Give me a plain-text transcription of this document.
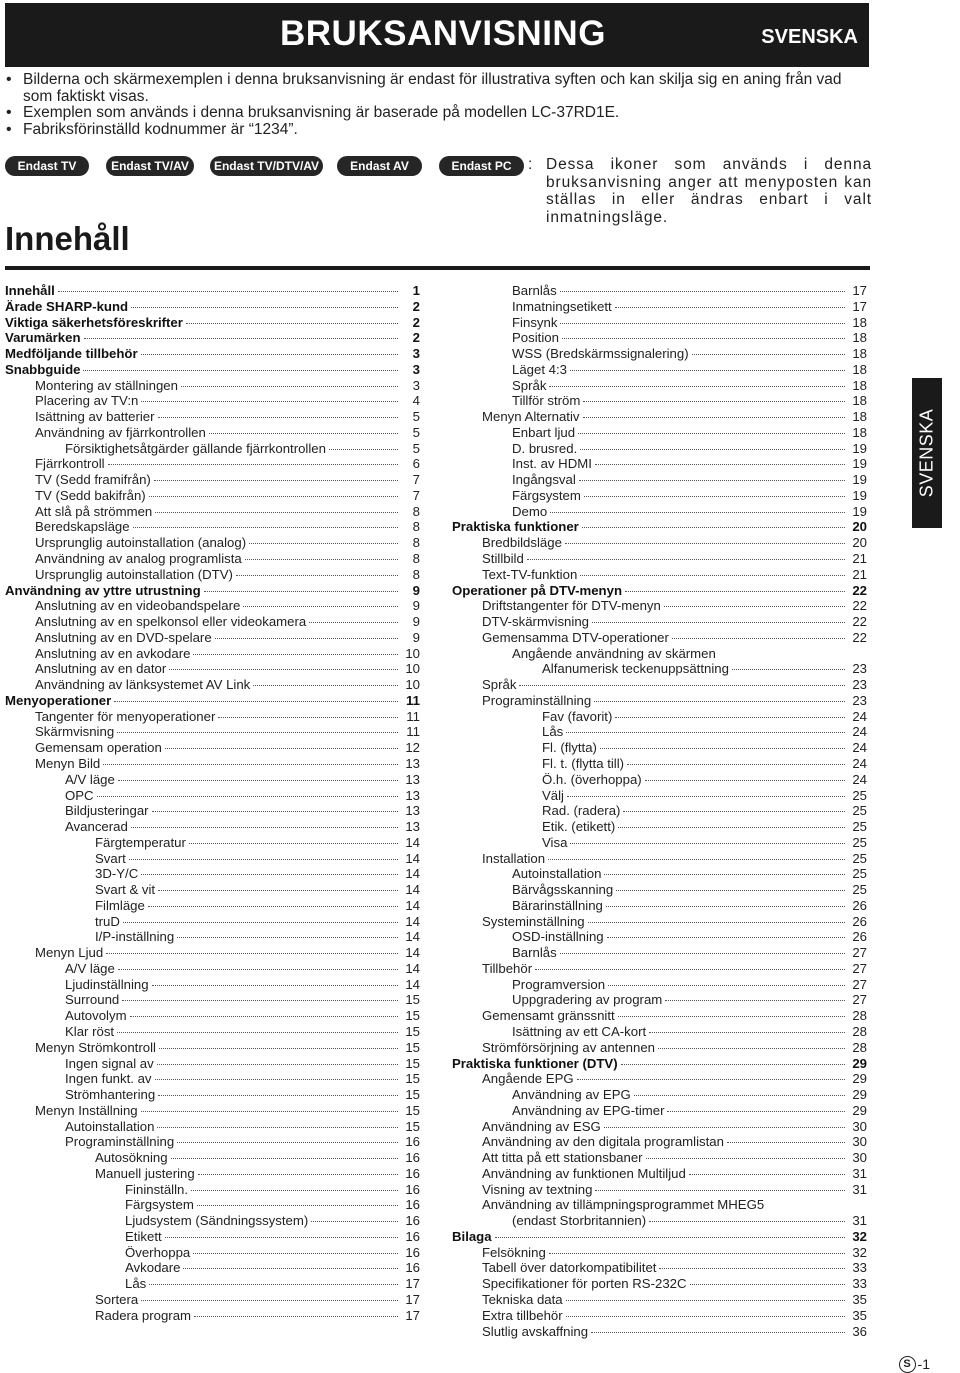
BRUKSANVISNING	SVENSKA
• Bilderna och skärmexemplen i denna bruksanvisning är endast för illustrativa syften och kan skilja sig en aning från vad som faktiskt visas.
• Exemplen som används i denna bruksanvisning är baserade på modellen LC-37RD1E.
• Fabriksförinställd kodnummer är “1234”.
Endast TV	Endast TV/AV	Endast TV/DTV/AV	Endast AV	Endast PC	: Dessa ikoner som används i denna bruksanvisning anger att menyposten kan ställas in eller ändras enbart i valt inmatningsläge.
Innehåll
Innehåll	1
Ärade SHARP-kund	2
Viktiga säkerhetsföreskrifter	2
Varumärken	2
Medföljande tillbehör	3
Snabbguide	3
Montering av ställningen	3
Placering av TV:n	4
Isättning av batterier	5
Användning av fjärrkontrollen	5
Försiktighetsåtgärder gällande fjärrkontrollen	5
Fjärrkontroll	6
TV (Sedd framifrån)	7
TV (Sedd bakifrån)	7
Att slå på strömmen	8
Beredskapsläge	8
Ursprunglig autoinstallation (analog)	8
Användning av analog programlista	8
Ursprunglig autoinstallation (DTV)	8
Användning av yttre utrustning	9
Anslutning av en videobandspelare	9
Anslutning av en spelkonsol eller videokamera	9
Anslutning av en DVD-spelare	9
Anslutning av en avkodare	10
Anslutning av en dator	10
Användning av länksystemet AV Link	10
Menyoperationer	11
Tangenter för menyoperationer	11
Skärmvisning	11
Gemensam operation	12
Menyn Bild	13
A/V läge	13
OPC	13
Bildjusteringar	13
Avancerad	13
Färgtemperatur	14
Svart	14
3D-Y/C	14
Svart & vit	14
Filmläge	14
truD	14
I/P-inställning	14
Menyn Ljud	14
A/V läge	14
Ljudinställning	14
Surround	15
Autovolym	15
Klar röst	15
Menyn Strömkontroll	15
Ingen signal av	15
Ingen funkt. av	15
Strömhantering	15
Menyn Inställning	15
Autoinstallation	15
Programinställning	16
Autosökning	16
Manuell justering	16
Fininställn.	16
Färgsystem	16
Ljudsystem (Sändningssystem)	16
Etikett	16
Överhoppa	16
Avkodare	16
Lås	17
Sortera	17
Radera program	17
Barnlås	17
Inmatningsetikett	17
Finsynk	18
Position	18
WSS (Bredskärmssignalering)	18
Läget 4:3	18
Språk	18
Tillför ström	18
Menyn Alternativ	18
Enbart ljud	18
D. brusred.	19
Inst. av HDMI	19
Ingångsval	19
Färgsystem	19
Demo	19
Praktiska funktioner	20
Bredbildsläge	20
Stillbild	21
Text-TV-funktion	21
Operationer på DTV-menyn	22
Driftstangenter för DTV-menyn	22
DTV-skärmvisning	22
Gemensamma DTV-operationer	22
Angående användning av skärmen
Alfanumerisk teckenuppsättning	23
Språk	23
Programinställning	23
Fav (favorit)	24
Lås	24
Fl. (flytta)	24
Fl. t. (flytta till)	24
Ö.h. (överhoppa)	24
Välj	25
Rad. (radera)	25
Etik. (etikett)	25
Visa	25
Installation	25
Autoinstallation	25
Bärvågsskanning	25
Bärarinställning	26
Systeminställning	26
OSD-inställning	26
Barnlås	27
Tillbehör	27
Programversion	27
Uppgradering av program	27
Gemensamt gränssnitt	28
Isättning av ett CA-kort	28
Strömförsörjning av antennen	28
Praktiska funktioner (DTV)	29
Angående EPG	29
Användning av EPG	29
Användning av EPG-timer	29
Användning av ESG	30
Användning av den digitala programlistan	30
Att titta på ett stationsbaner	30
Användning av funktionen Multiljud	31
Visning av textning	31
Användning av tillämpningsprogrammet MHEG5
(endast Storbritannien)	31
Bilaga	32
Felsökning	32
Tabell över datorkompatibilitet	33
Specifikationer för porten RS-232C	33
Tekniska data	35
Extra tillbehör	35
Slutlig avskaffning	36
SVENSKA
S -1
